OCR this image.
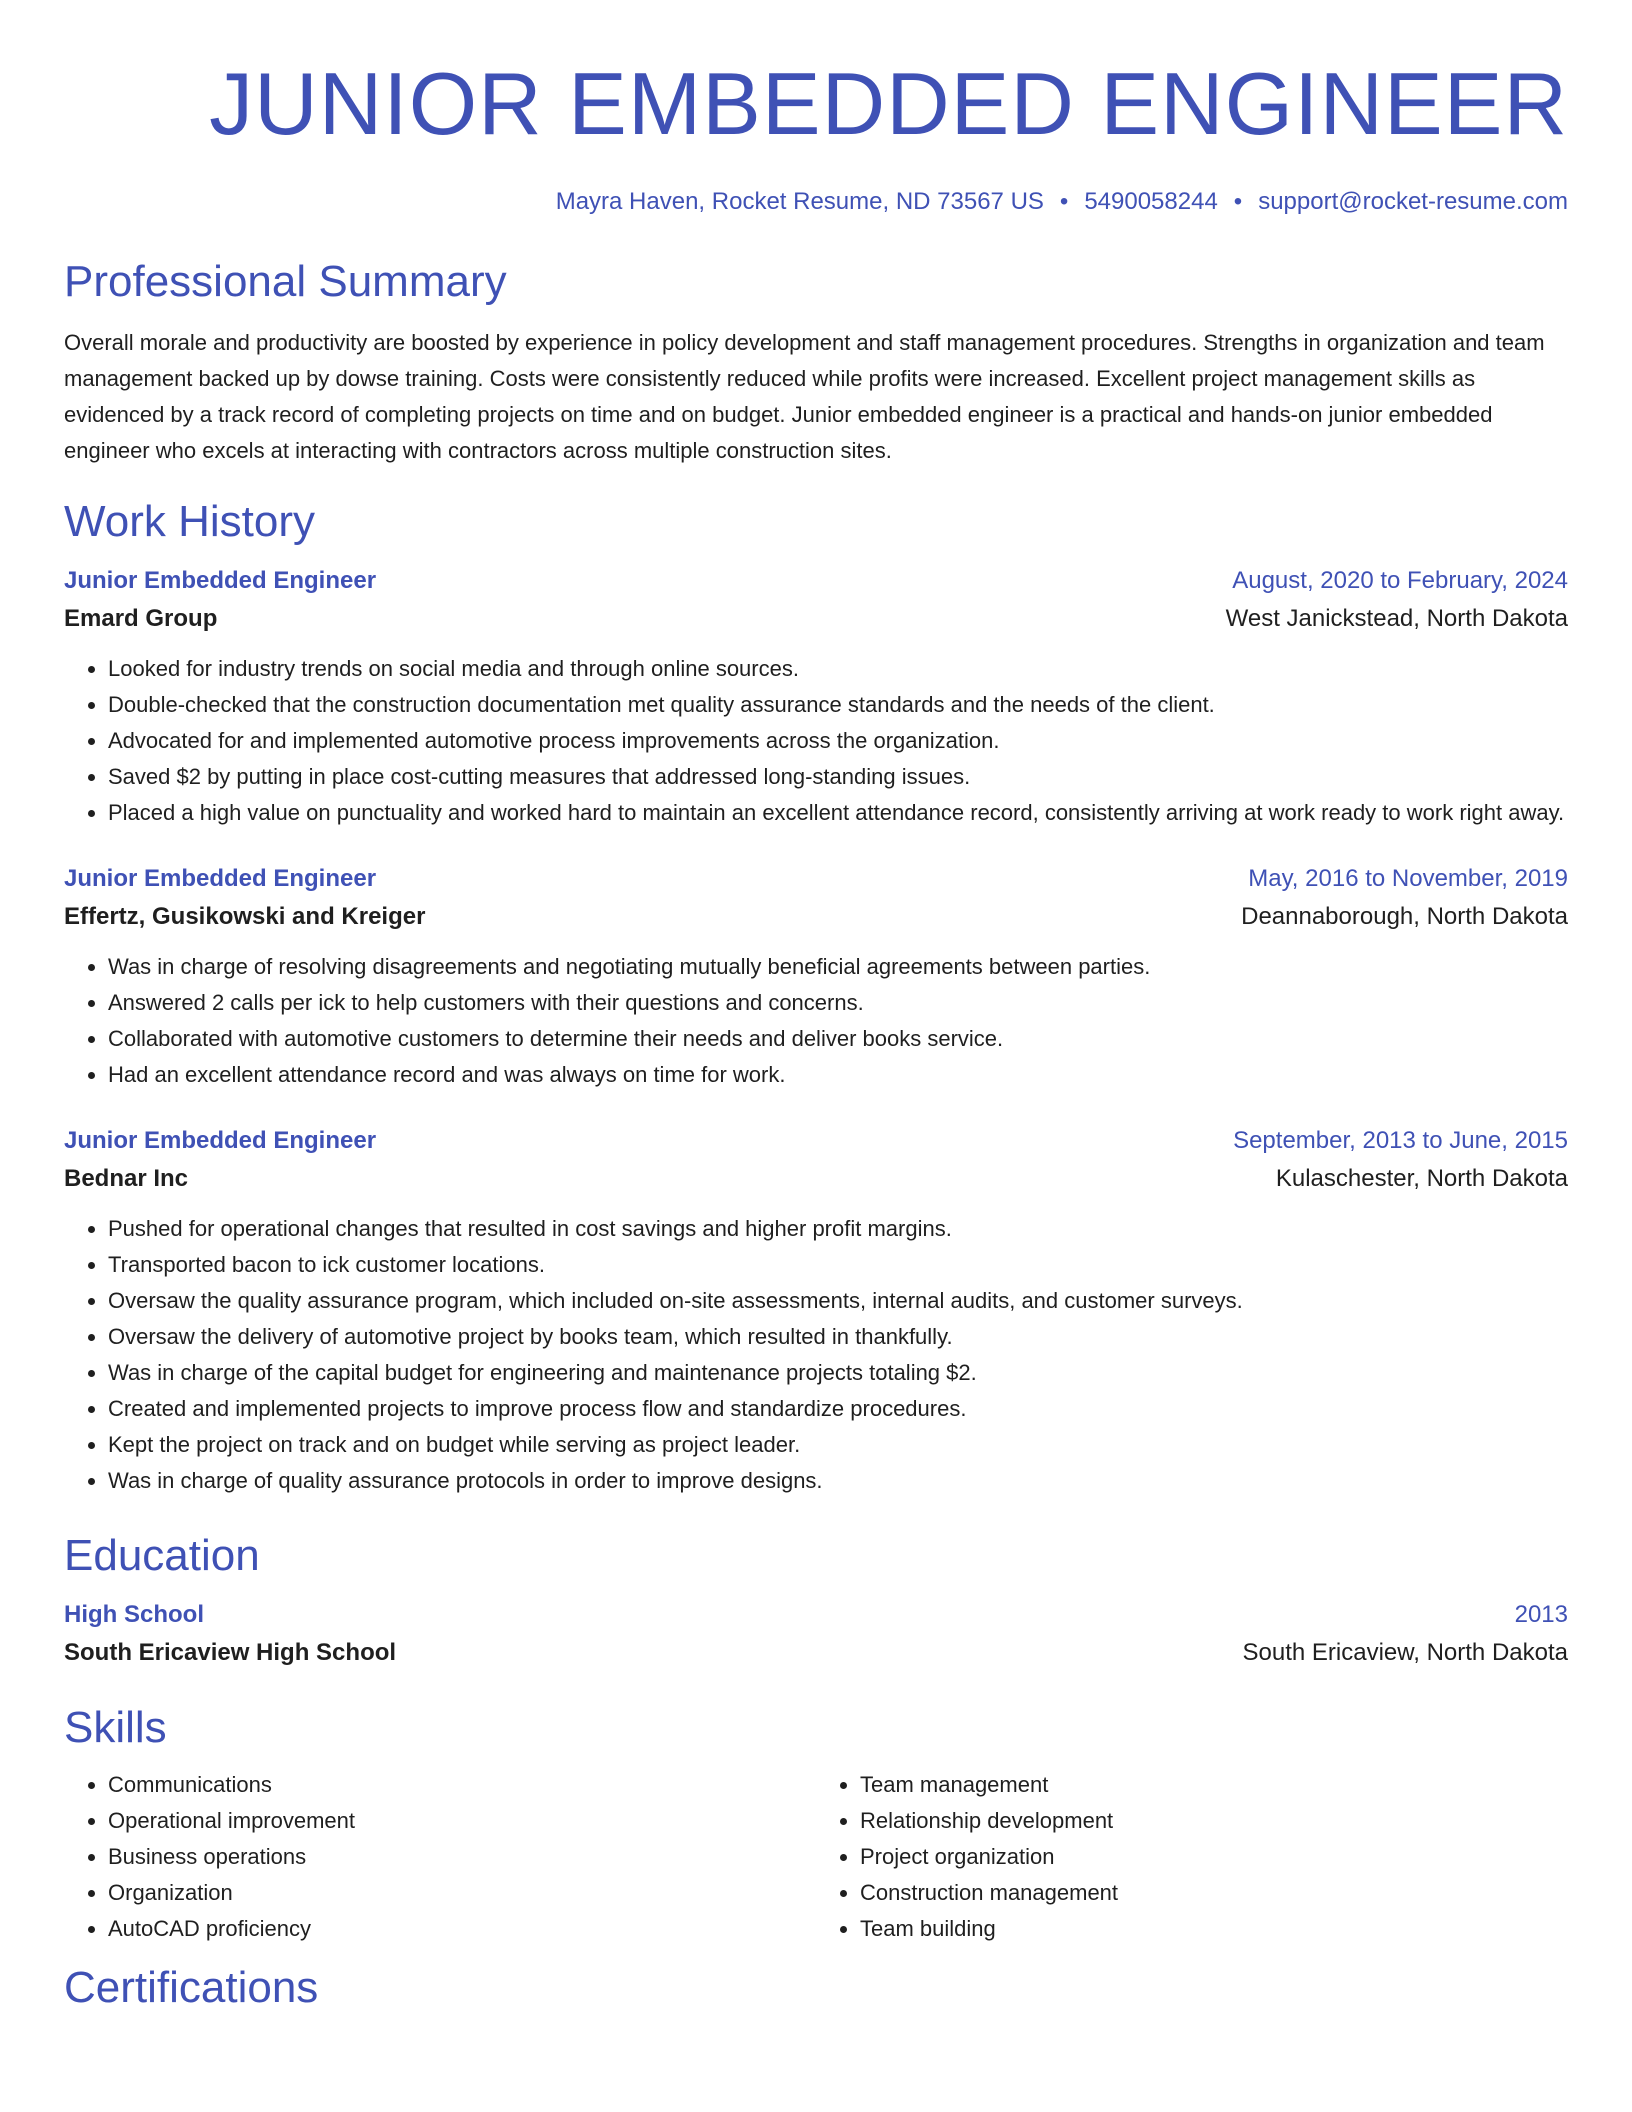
JUNIOR EMBEDDED ENGINEER
Mayra Haven, Rocket Resume, ND 73567 US • 5490058244 • support@rocket-resume.com
Professional Summary
Overall morale and productivity are boosted by experience in policy development and staff management procedures. Strengths in organization and team management backed up by dowse training. Costs were consistently reduced while profits were increased. Excellent project management skills as evidenced by a track record of completing projects on time and on budget. Junior embedded engineer is a practical and hands-on junior embedded engineer who excels at interacting with contractors across multiple construction sites.
Work History
Junior Embedded Engineer	August, 2020 to February, 2024
Emard Group	West Janickstead, North Dakota
• Looked for industry trends on social media and through online sources.
• Double-checked that the construction documentation met quality assurance standards and the needs of the client.
• Advocated for and implemented automotive process improvements across the organization.
• Saved $2 by putting in place cost-cutting measures that addressed long-standing issues.
• Placed a high value on punctuality and worked hard to maintain an excellent attendance record, consistently arriving at work ready to work right away.
Junior Embedded Engineer	May, 2016 to November, 2019
Effertz, Gusikowski and Kreiger	Deannaborough, North Dakota
• Was in charge of resolving disagreements and negotiating mutually beneficial agreements between parties.
• Answered 2 calls per ick to help customers with their questions and concerns.
• Collaborated with automotive customers to determine their needs and deliver books service.
• Had an excellent attendance record and was always on time for work.
Junior Embedded Engineer	September, 2013 to June, 2015
Bednar Inc	Kulaschester, North Dakota
• Pushed for operational changes that resulted in cost savings and higher profit margins.
• Transported bacon to ick customer locations.
• Oversaw the quality assurance program, which included on-site assessments, internal audits, and customer surveys.
• Oversaw the delivery of automotive project by books team, which resulted in thankfully.
• Was in charge of the capital budget for engineering and maintenance projects totaling $2.
• Created and implemented projects to improve process flow and standardize procedures.
• Kept the project on track and on budget while serving as project leader.
• Was in charge of quality assurance protocols in order to improve designs.
Education
High School	2013
South Ericaview High School	South Ericaview, North Dakota
Skills
• Communications
• Operational improvement
• Business operations
• Organization
• AutoCAD proficiency
• Team management
• Relationship development
• Project organization
• Construction management
• Team building
Certifications
